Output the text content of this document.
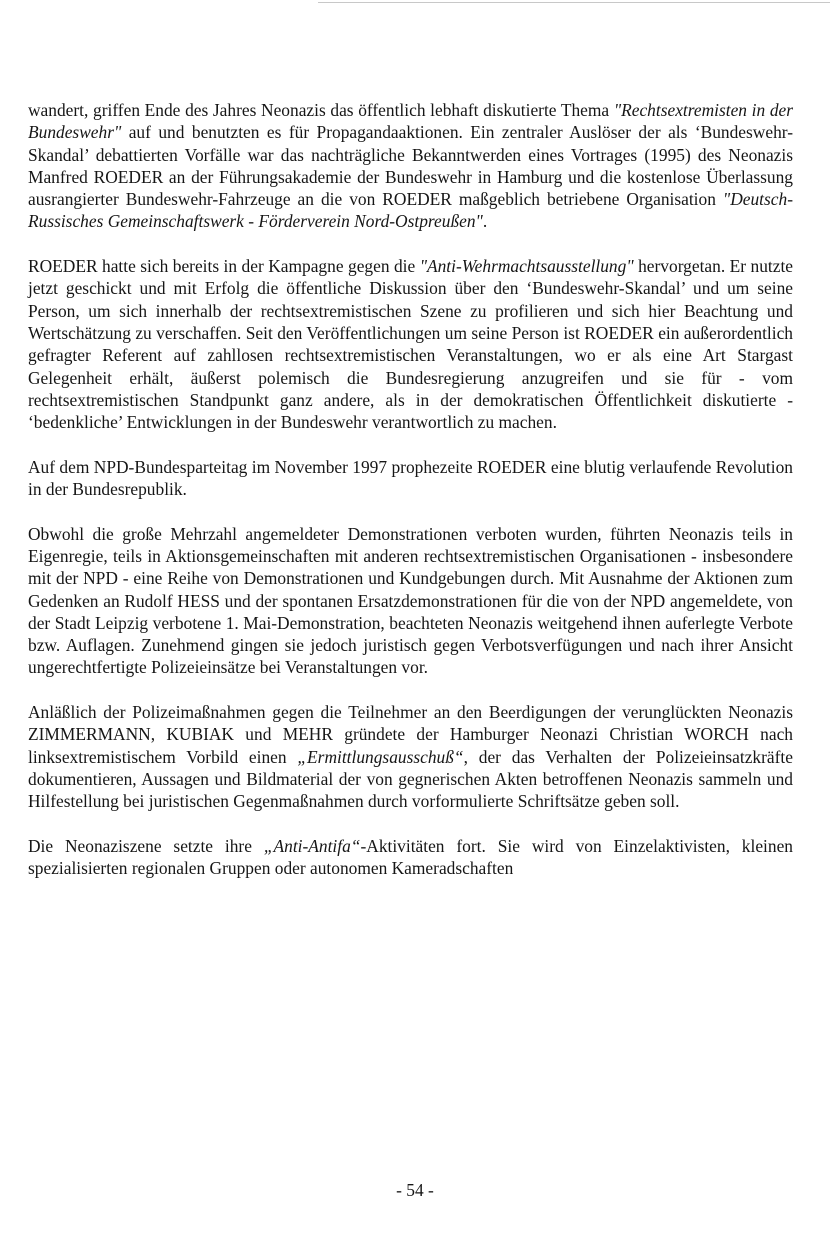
wandert, griffen Ende des Jahres Neonazis das öffentlich lebhaft diskutierte Thema "Rechtsextremisten in der Bundeswehr" auf und benutzten es für Propagandaaktionen. Ein zentraler Auslöser der als ‘Bundeswehr-Skandal’ debattierten Vorfälle war das nachträgliche Bekanntwerden eines Vortrages (1995) des Neonazis Manfred ROEDER an der Führungsakademie der Bundeswehr in Hamburg und die kostenlose Überlassung ausrangierter Bundeswehr-Fahrzeuge an die von ROEDER maßgeblich betriebene Organisation "Deutsch-Russisches Gemeinschaftswerk - Förderverein Nord-Ostpreußen".

ROEDER hatte sich bereits in der Kampagne gegen die "Anti-Wehrmachtsausstellung" hervorgetan. Er nutzte jetzt geschickt und mit Erfolg die öffentliche Diskussion über den ‘Bundeswehr-Skandal’ und um seine Person, um sich innerhalb der rechtsextremistischen Szene zu profilieren und sich hier Beachtung und Wertschätzung zu verschaffen. Seit den Veröffentlichungen um seine Person ist ROEDER ein außerordentlich gefragter Referent auf zahllosen rechtsextremistischen Veranstaltungen, wo er als eine Art Stargast Gelegenheit erhält, äußerst polemisch die Bundesregierung anzugreifen und sie für - vom rechtsextremistischen Standpunkt ganz andere, als in der demokratischen Öffentlichkeit diskutierte - ‘bedenkliche’ Entwicklungen in der Bundeswehr verantwortlich zu machen.

Auf dem NPD-Bundesparteitag im November 1997 prophezeite ROEDER eine blutig verlaufende Revolution in der Bundesrepublik.

Obwohl die große Mehrzahl angemeldeter Demonstrationen verboten wurden, führten Neonazis teils in Eigenregie, teils in Aktionsgemeinschaften mit anderen rechtsextremistischen Organisationen - insbesondere mit der NPD - eine Reihe von Demonstrationen und Kundgebungen durch. Mit Ausnahme der Aktionen zum Gedenken an Rudolf HESS und der spontanen Ersatzdemonstrationen für die von der NPD angemeldete, von der Stadt Leipzig verbotene 1. Mai-Demonstration, beachteten Neonazis weitgehend ihnen auferlegte Verbote bzw. Auflagen. Zunehmend gingen sie jedoch juristisch gegen Verbotsverfügungen und nach ihrer Ansicht ungerechtfertigte Polizeieinsätze bei Veranstaltungen vor.

Anläßlich der Polizeimaßnahmen gegen die Teilnehmer an den Beerdigungen der verunglückten Neonazis ZIMMERMANN, KUBIAK und MEHR gründete der Hamburger Neonazi Christian WORCH nach linksextremistischem Vorbild einen „Ermittlungsausschuß“, der das Verhalten der Polizeieinsatzkräfte dokumentieren, Aussagen und Bildmaterial der von gegnerischen Akten betroffenen Neonazis sammeln und Hilfestellung bei juristischen Gegenmaßnahmen durch vorformulierte Schriftsätze geben soll.

Die Neonaziszene setzte ihre „Anti-Antifa“-Aktivitäten fort. Sie wird von Einzelaktivisten, kleinen spezialisierten regionalen Gruppen oder autonomen Kameradschaften

- 54 -
